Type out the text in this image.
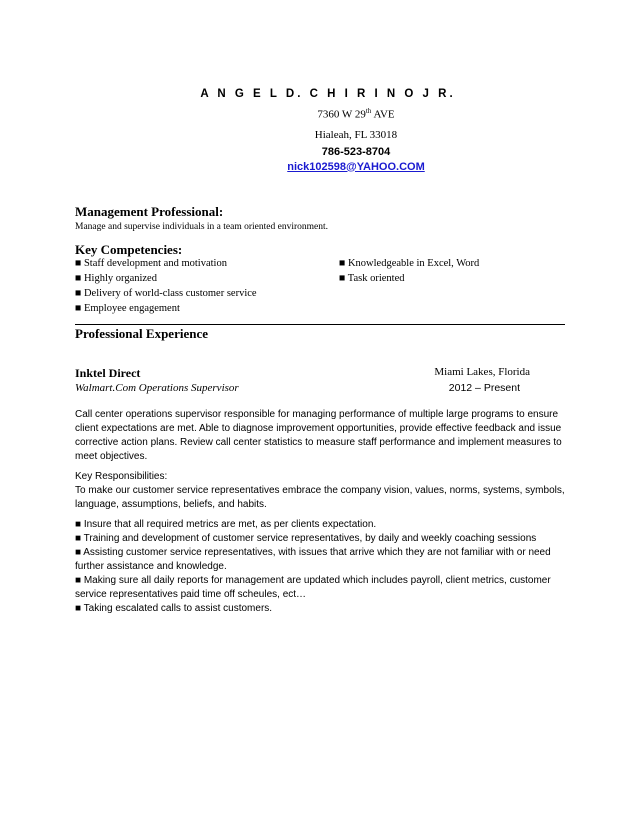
A N G E L D. C H I R I N O J R.
7360 W 29th AVE
Hialeah, FL 33018
786-523-8704
nick102598@YAHOO.COM
Management Professional:
Manage and supervise individuals in a team oriented environment.
Key Competencies:
■ Staff development and motivation	■ Knowledgeable in Excel, Word
■ Highly organized	■ Task oriented
■ Delivery of world-class customer service
■ Employee engagement
Professional Experience
Inktel Direct	Miami Lakes, Florida
Walmart.Com Operations Supervisor	2012 – Present

Call center operations supervisor responsible for managing performance of multiple large programs to ensure client expectations are met. Able to diagnose improvement opportunities, provide effective feedback and issue corrective action plans. Review call center statistics to measure staff performance and implement measures to meet objectives.

Key Responsibilities:

To make our customer service representatives embrace the company vision, values, norms, systems, symbols, language, assumptions, beliefs, and habits.

■ Insure that all required metrics are met, as per clients expectation.

■ Training and development of customer service representatives, by daily and weekly coaching sessions

■ Assisting customer service representatives, with issues that arrive which they are not familiar with or need further assistance and knowledge.

■ Making sure all daily reports for management are updated which includes payroll, client metrics, customer service representatives paid time off scheules, ect…

■ Taking escalated calls to assist customers.
